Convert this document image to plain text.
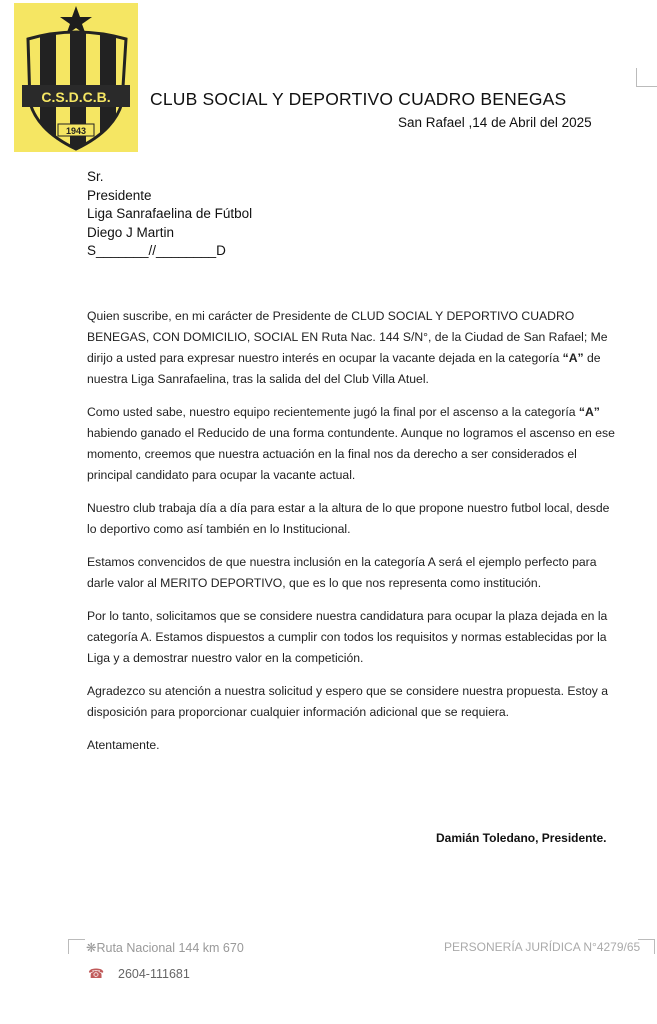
C.S.D.C.B.
1943
CLUB SOCIAL Y DEPORTIVO CUADRO BENEGAS
San Rafael ,14 de Abril del 2025
Sr.
Presidente
Liga Sanrafaelina de Fútbol
Diego J Martin
S_______//________D

Quien suscribe, en mi carácter de Presidente de CLUD SOCIAL Y DEPORTIVO CUADRO BENEGAS, CON DOMICILIO, SOCIAL EN Ruta Nac. 144 S/N°, de la Ciudad de San Rafael; Me dirijo a usted para expresar nuestro interés en ocupar la vacante dejada en la categoría “A” de nuestra Liga Sanrafaelina, tras la salida del del Club Villa Atuel.

Como usted sabe, nuestro equipo recientemente jugó la final por el ascenso a la categoría “A” habiendo ganado el Reducido de una forma contundente. Aunque no logramos el ascenso en ese momento, creemos que nuestra actuación en la final nos da derecho a ser considerados el principal candidato para ocupar la vacante actual.

Nuestro club trabaja día a día para estar a la altura de lo que propone nuestro futbol local, desde lo deportivo como así también en lo Institucional.

Estamos convencidos de que nuestra inclusión en la categoría A será el ejemplo perfecto para darle valor al MERITO DEPORTIVO, que es lo que nos representa como institución.

Por lo tanto, solicitamos que se considere nuestra candidatura para ocupar la plaza dejada en la categoría A. Estamos dispuestos a cumplir con todos los requisitos y normas establecidas por la Liga y a demostrar nuestro valor en la competición.

Agradezco su atención a nuestra solicitud y espero que se considere nuestra propuesta. Estoy a disposición para proporcionar cualquier información adicional que se requiera.

Atentamente.

Damián Toledano, Presidente.
❋Ruta Nacional 144 km 670	PERSONERÍA JURÍDICA N°4279/65
☎	2604-111681
